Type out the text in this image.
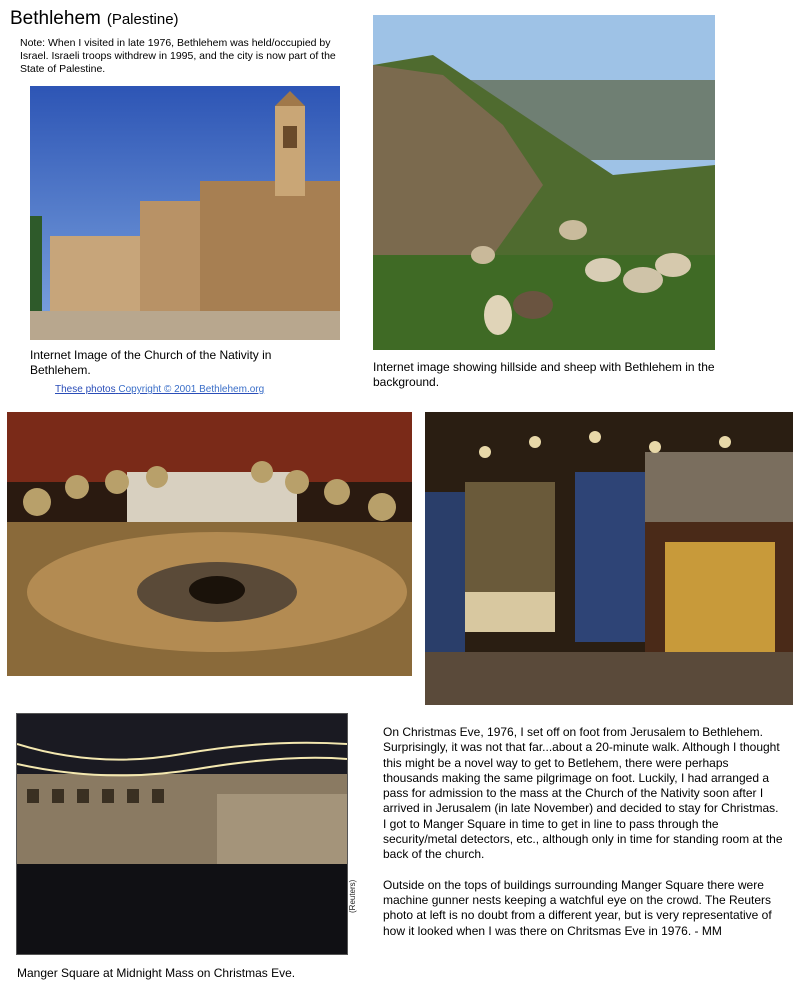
Bethlehem (Palestine)
Note: When I visited in late 1976, Bethlehem was held/occupied by Israel. Israeli troops withdrew in 1995, and the city is now part of the State of Palestine.
Internet Image of the Church of the Nativity in Bethlehem.
These photos Copyright © 2001 Bethlehem.org
Internet image showing hillside and sheep with Bethlehem in the background.
(Reuters)
Manger Square at Midnight Mass on Christmas Eve.

On Christmas Eve, 1976, I set off on foot from Jerusalem to Bethlehem. Surprisingly, it was not that far...about a 20-minute walk. Although I thought this might be a novel way to get to Betlehem, there were perhaps thousands making the same pilgrimage on foot. Luckily, I had arranged a pass for admission to the mass at the Church of the Nativity soon after I arrived in Jerusalem (in late November) and decided to stay for Christmas. I got to Manger Square in time to get in line to pass through the security/metal detectors, etc., although only in time for standing room at the back of the church.

Outside on the tops of buildings surrounding Manger Square there were machine gunner nests keeping a watchful eye on the crowd. The Reuters photo at left is no doubt from a different year, but is very representative of how it looked when I was there on Chritsmas Eve in 1976. - MM
